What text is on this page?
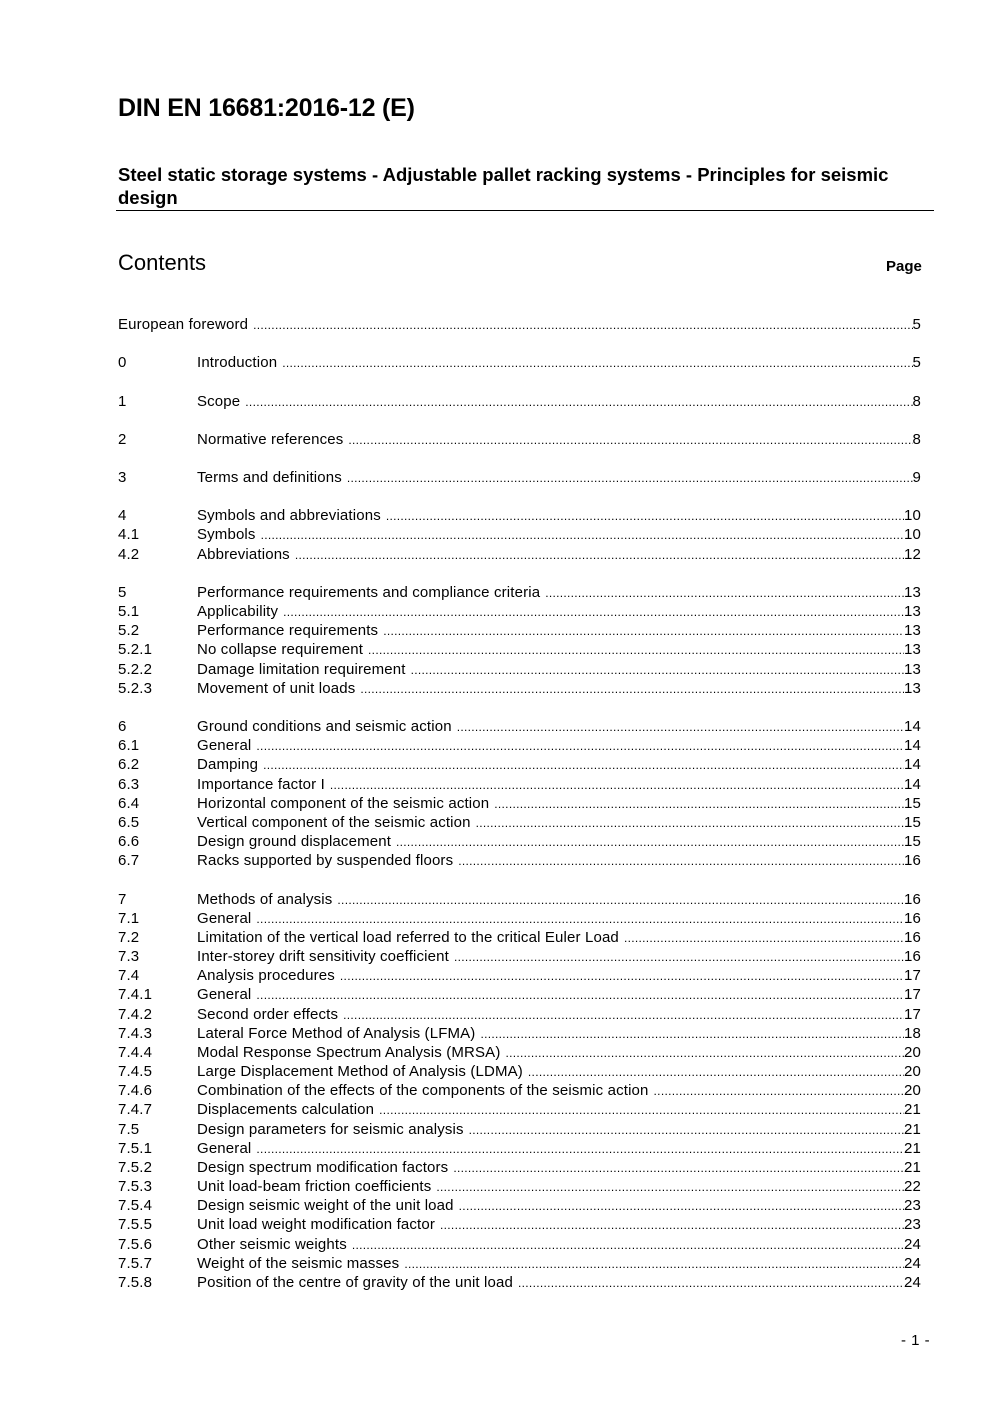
DIN EN 16681:2016-12 (E)
Steel static storage systems - Adjustable pallet racking systems - Principles for seismic design
Contents	Page
European foreword .....	5
0	Introduction .....	5
1	Scope .....	8
2	Normative references .....	8
3	Terms and definitions .....	9
4	Symbols and abbreviations .....	10
4.1	Symbols .....	10
4.2	Abbreviations .....	12
5	Performance requirements and compliance criteria .....	13
5.1	Applicability .....	13
5.2	Performance requirements .....	13
5.2.1	No collapse requirement .....	13
5.2.2	Damage limitation requirement .....	13
5.2.3	Movement of unit loads .....	13
6	Ground conditions and seismic action .....	14
6.1	General .....	14
6.2	Damping .....	14
6.3	Importance factor I .....	14
6.4	Horizontal component of the seismic action .....	15
6.5	Vertical component of the seismic action .....	15
6.6	Design ground displacement .....	15
6.7	Racks supported by suspended floors .....	16
7	Methods of analysis .....	16
7.1	General .....	16
7.2	Limitation of the vertical load referred to the critical Euler Load .....	16
7.3	Inter-storey drift sensitivity coefficient .....	16
7.4	Analysis procedures .....	17
7.4.1	General .....	17
7.4.2	Second order effects .....	17
7.4.3	Lateral Force Method of Analysis (LFMA) .....	18
7.4.4	Modal Response Spectrum Analysis (MRSA) .....	20
7.4.5	Large Displacement Method of Analysis (LDMA) .....	20
7.4.6	Combination of the effects of the components of the seismic action .....	20
7.4.7	Displacements calculation .....	21
7.5	Design parameters for seismic analysis .....	21
7.5.1	General .....	21
7.5.2	Design spectrum modification factors .....	21
7.5.3	Unit load-beam friction coefficients .....	22
7.5.4	Design seismic weight of the unit load .....	23
7.5.5	Unit load weight modification factor .....	23
7.5.6	Other seismic weights .....	24
7.5.7	Weight of the seismic masses .....	24
7.5.8	Position of the centre of gravity of the unit load .....	24
- 1 -
